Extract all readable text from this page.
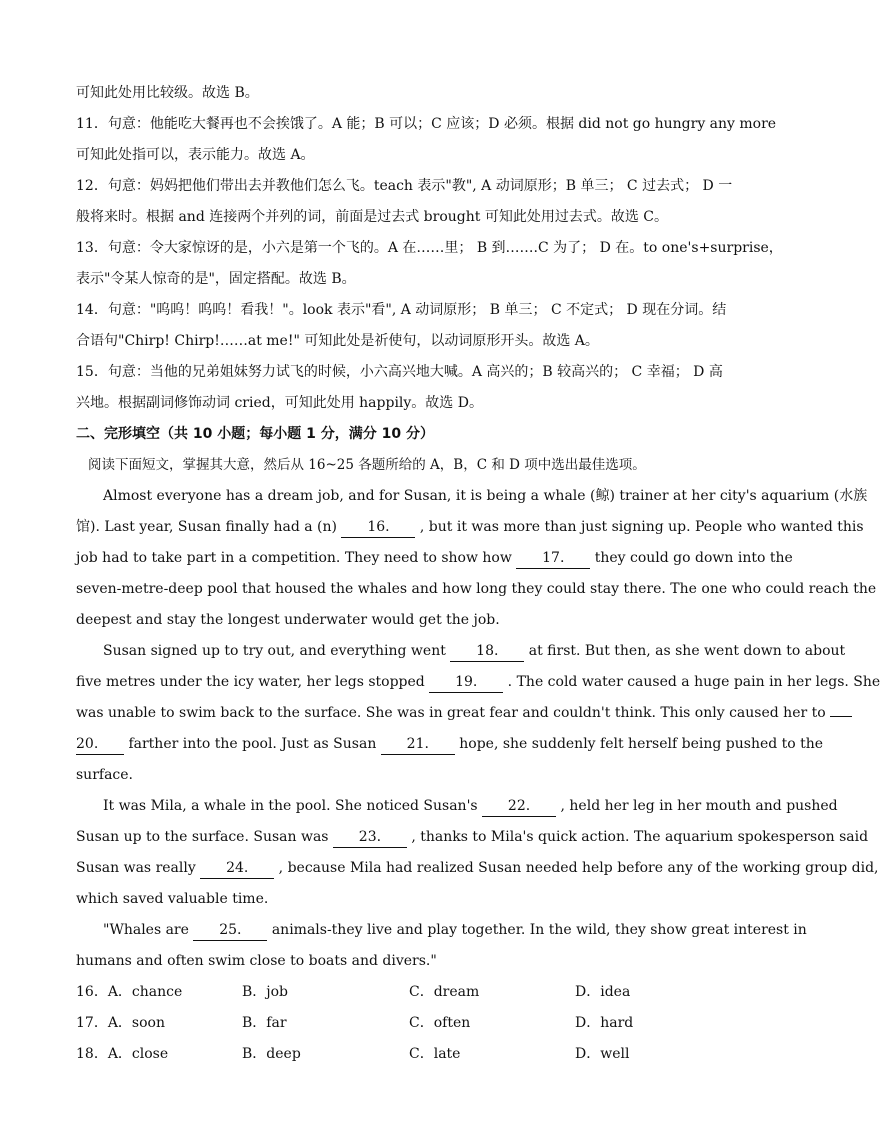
可知此处用比较级。故选 B。
11．句意：他能吃大餐再也不会挨饿了。A 能；B 可以；C 应该；D 必须。根据 did not go hungry any more
可知此处指可以，表示能力。故选 A。
12．句意：妈妈把他们带出去并教他们怎么飞。teach 表示"教", A 动词原形；B 单三； C 过去式； D 一
般将来时。根据 and 连接两个并列的词，前面是过去式 brought 可知此处用过去式。故选 C。
13．句意：令大家惊讶的是，小六是第一个飞的。A 在……里； B 到…….C 为了； D 在。to one's+surprise，
表示"令某人惊奇的是"，固定搭配。故选 B。
14．句意："呜呜！呜呜！看我！"。look 表示"看", A 动词原形； B 单三； C 不定式； D 现在分词。结
合语句"Chirp! Chirp!……at me!" 可知此处是祈使句，以动词原形开头。故选 A。
15．句意：当他的兄弟姐妹努力试飞的时候，小六高兴地大喊。A 高兴的；B 较高兴的； C 幸福； D 高
兴地。根据副词修饰动词 cried，可知此处用 happily。故选 D。
二、完形填空（共 10 小题；每小题 1 分，满分 10 分）
阅读下面短文，掌握其大意，然后从 16~25 各题所给的 A，B，C 和 D 项中选出最佳选项。
Almost everyone has a dream job, and for Susan, it is being a whale (鲸) trainer at her city's aquarium (水族
馆). Last year, Susan finally had a (n) 16. , but it was more than just signing up. People who wanted this
job had to take part in a competition. They need to show how 17. they could go down into the
seven-metre-deep pool that housed the whales and how long they could stay there. The one who could reach the
deepest and stay the longest underwater would get the job.
Susan signed up to try out, and everything went 18. at first. But then, as she went down to about
five metres under the icy water, her legs stopped 19. . The cold water caused a huge pain in her legs. She
was unable to swim back to the surface. She was in great fear and couldn't think. This only caused her to
20. farther into the pool. Just as Susan 21. hope, she suddenly felt herself being pushed to the
surface.
It was Mila, a whale in the pool. She noticed Susan's 22. , held her leg in her mouth and pushed
Susan up to the surface. Susan was 23. , thanks to Mila's quick action. The aquarium spokesperson said
Susan was really 24. , because Mila had realized Susan needed help before any of the working group did,
which saved valuable time.
"Whales are 25. animals-they live and play together. In the wild, they show great interest in
humans and often swim close to boats and divers."
16．A．chance	B．job	C．dream	D．idea
17．A．soon	B．far	C．often	D．hard
18．A．close	B．deep	C．late	D．well
